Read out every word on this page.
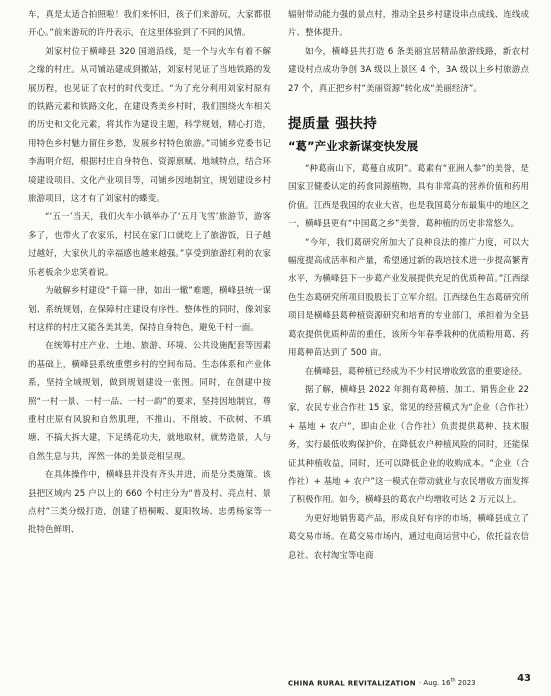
车，真是太适合拍照啦！我们来怀旧，孩子们来游玩，大家都很开心。”前来游玩的许丹表示，在这里体验到了不同的风情。

刘家村位于横峰县 320 国道沿线，是一个与火车有着不解之缘的村庄。从司铺站建成到撤站，刘家村见证了当地铁路的发展历程，也见证了农村的时代变迁。“为了充分利用刘家村原有的铁路元素和铁路文化，在建设秀美乡村时，我们围绕火车相关的历史和文化元素，将其作为建设主题，科学规划，精心打造，用特色乡村魅力留住乡愁，发展乡村特色旅游。”司铺乡党委书记李海明介绍，根据村庄自身特色、资源禀赋、地域特点，结合环境建设项目、文化产业项目等，司铺乡因地制宜，规划建设乡村旅游项目，这才有了刘家村的蝶变。

“‘五一’当天，我们火车小镇举办了‘五月飞雪’旅游节，游客多了，也带火了农家乐，村民在家门口就吃上了旅游饭，日子越过越好，大家伙儿的幸福感也越来越强。”享受到旅游红利的农家乐老板余少忠笑着说。

为破解乡村建设“千篇一律，如出一辙”难题，横峰县统一谋划、系统规划，在保障村庄建设有序性、整体性的同时，像刘家村这样的村庄又能各美其美，保持自身特色，避免千村一面。

在统筹村庄产业、土地、旅游、环境、公共设施配套等因素的基础上，横峰县系统重塑乡村的空间布局、生态体系和产业体系，坚持全域规划，做到规划建设一张图。同时，在创建中按照“一村一景、一村一品、一村一韵”的要求，坚持因地制宜，尊重村庄原有风貌和自然肌理，不推山、不削坡、不砍树、不填塘、不搞大拆大建，下足绣花功夫，就地取材，就势造景，人与自然生息与共，浑然一体的美景竞相呈现。

在具体操作中，横峰县并没有齐头并进，而是分类施策。该县把区域内 25 户以上的 660 个村庄分为“普及村、亮点村、景点村”三类分级打造，创建了梧桐畈、夏阳牧场、忠勇杨家等一批特色鲜明、

辐射带动能力强的景点村，推动全县乡村建设串点成线、连线成片、整体提升。

如今，横峰县共打造 6 条美丽宜居精品旅游线路，新农村建设村点成功争创 3A 级以上景区 4 个，3A 级以上乡村旅游点 27 个，真正把乡村“美丽资源”转化成“美丽经济”。

提质量 强扶持
“葛”产业求新谋变快发展

“种葛南山下，葛蔓自成阴”。葛素有“亚洲人参”的美誉，是国家卫健委认定的药食同源植物，具有非常高的营养价值和药用价值。江西是我国的农业大省，也是我国葛分布最集中的地区之一，横峰县更有“中国葛之乡”美誉，葛种植的历史非常悠久。

“今年，我们葛研究所加大了良种良法的推广力度，可以大幅度提高成活率和产量，希望通过新的栽培技术进一步提高繁育水平，为横峰县下一步葛产业发展提供充足的优质种苗。”江西绿色生态葛研究所项目股股长丁立军介绍。江西绿色生态葛研究所项目是横峰县葛种植资源研究和培育的专业部门，承担着为全县葛农提供优质种苗的重任，该所今年春季栽种的优质粉用葛、药用葛种苗达到了 500 亩。

在横峰县，葛种植已经成为不少村民增收致富的重要途径。

据了解，横峰县 2022 年拥有葛种植、加工、销售企业 22 家，农民专业合作社 15 家，常见的经营模式为“企业（合作社）+ 基地 + 农户”，即由企业（合作社）负责提供葛种、技术服务，实行最低收购保护价，在降低农户种植风险的同时，还能保证其种植收益，同时，还可以降低企业的收购成本。“企业（合作社）+ 基地 + 农户”这一模式在带动就业与农民增收方面发挥了积极作用。如今，横峰县的葛农户均增收可达 2 万元以上。

为更好地销售葛产品，形成良好有序的市场，横峰县成立了葛交易市场。在葛交易市场内，通过电商运营中心，依托益农信息社、农村淘宝等电商

CHINA RURAL REVITALIZATION · Aug. 16th 2023	43
